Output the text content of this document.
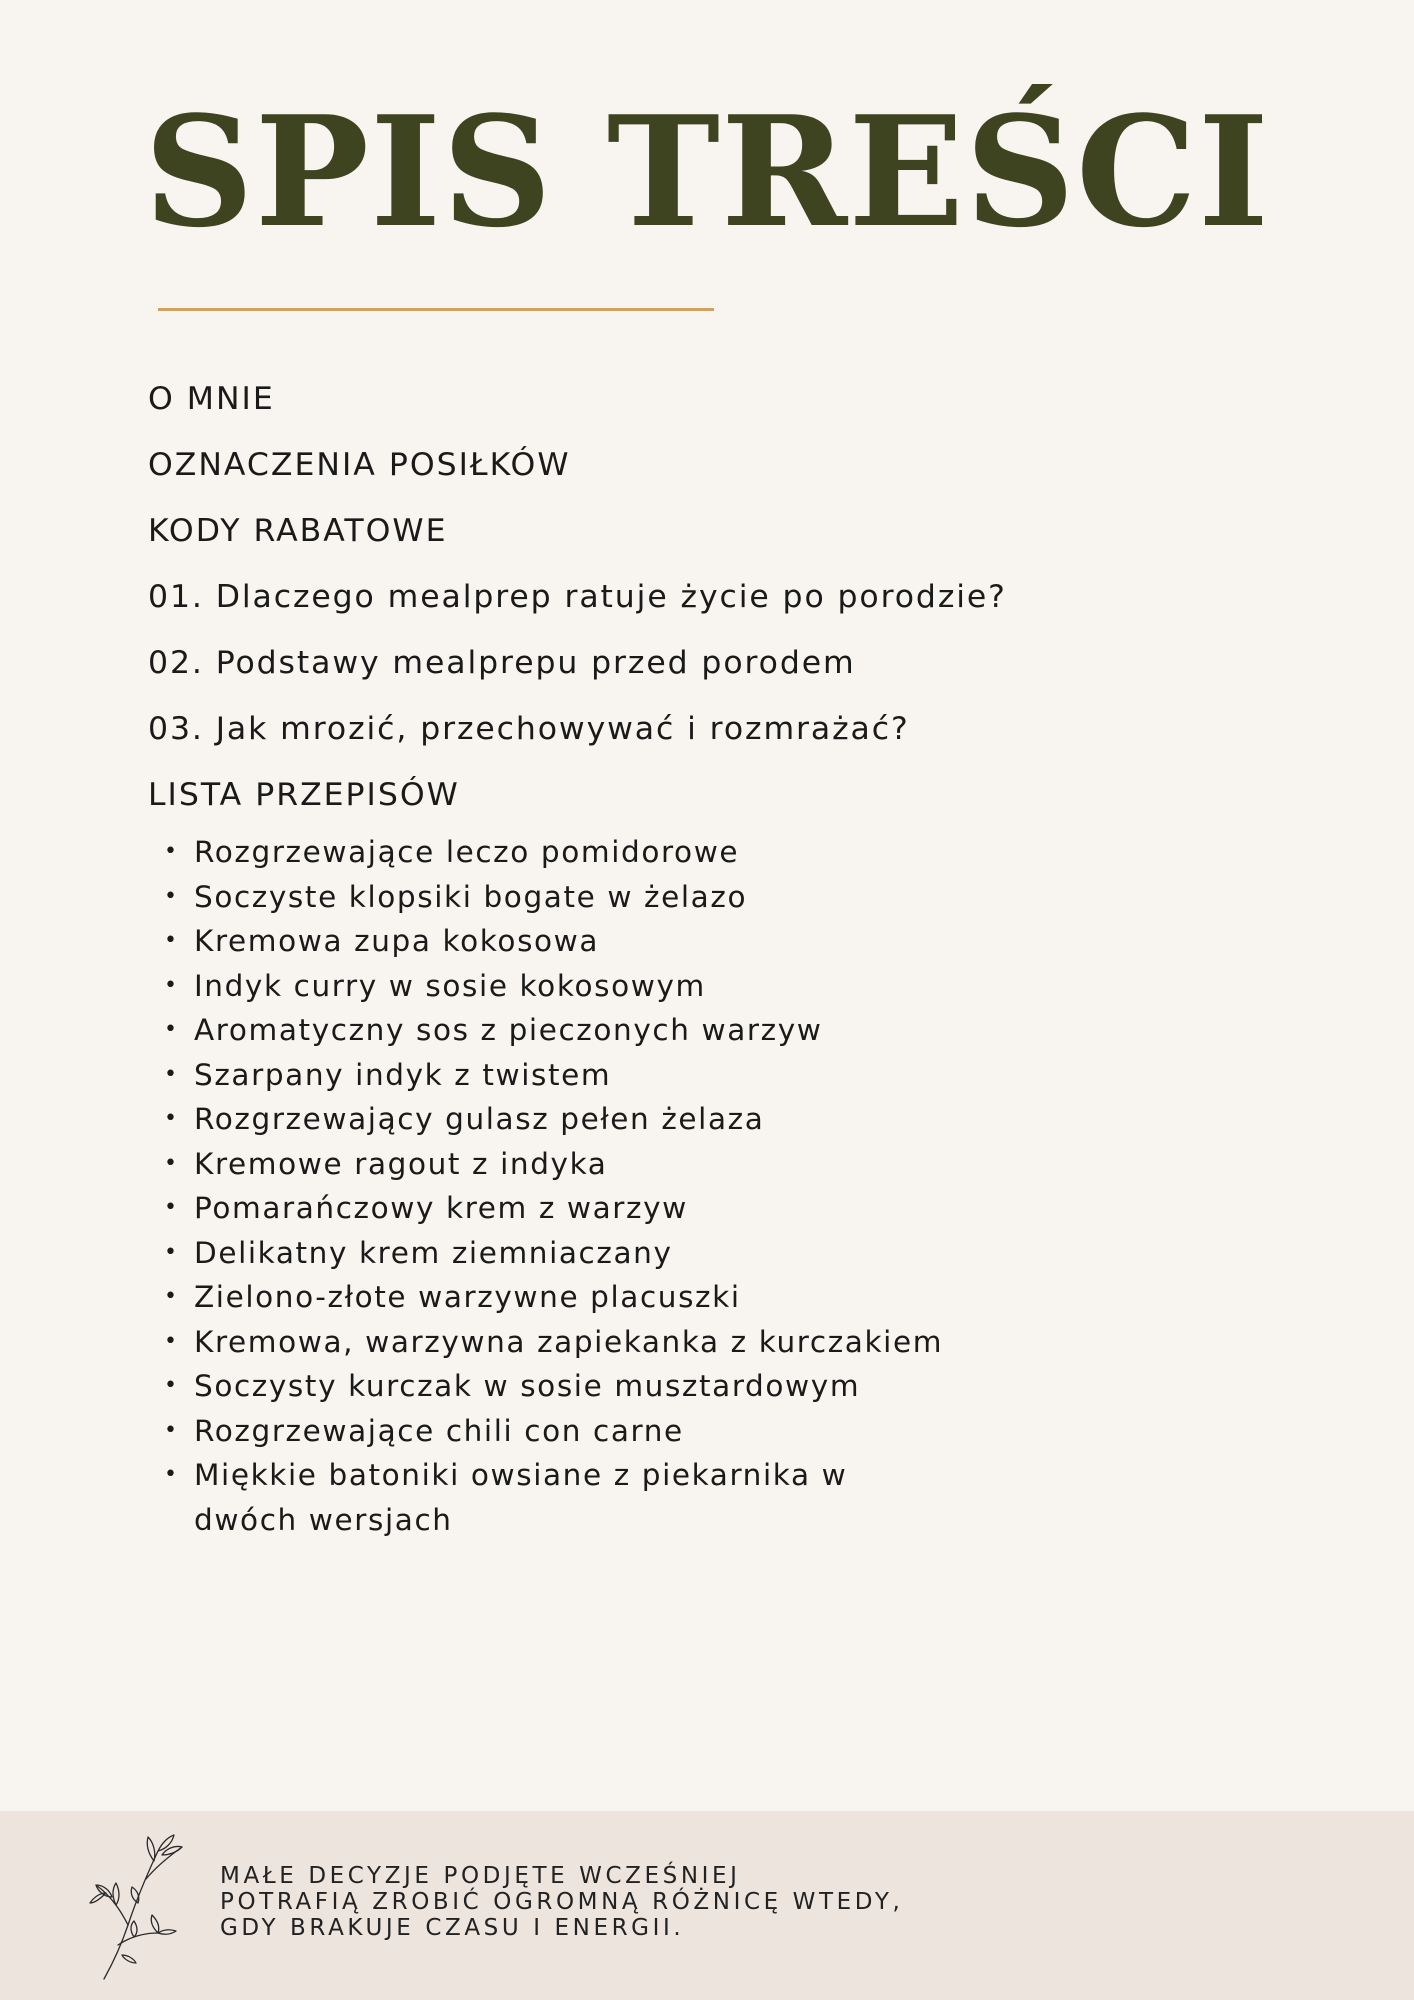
SPIS TREŚCI
O MNIE
OZNACZENIA POSIŁKÓW
KODY RABATOWE
01. Dlaczego mealprep ratuje życie po porodzie?
02. Podstawy mealprepu przed porodem
03. Jak mrozić, przechowywać i rozmrażać?
LISTA PRZEPISÓW
• Rozgrzewające leczo pomidorowe
• Soczyste klopsiki bogate w żelazo
• Kremowa zupa kokosowa
• Indyk curry w sosie kokosowym
• Aromatyczny sos z pieczonych warzyw
• Szarpany indyk z twistem
• Rozgrzewający gulasz pełen żelaza
• Kremowe ragout z indyka
• Pomarańczowy krem z warzyw
• Delikatny krem ziemniaczany
• Zielono-złote warzywne placuszki
• Kremowa, warzywna zapiekanka z kurczakiem
• Soczysty kurczak w sosie musztardowym
• Rozgrzewające chili con carne
• Miękkie batoniki owsiane z piekarnika w dwóch wersjach
MAŁE DECYZJE PODJĘTE WCZEŚNIEJ
POTRAFIĄ ZROBIĆ OGROMNĄ RÓŻNICĘ WTEDY,
GDY BRAKUJE CZASU I ENERGII.
